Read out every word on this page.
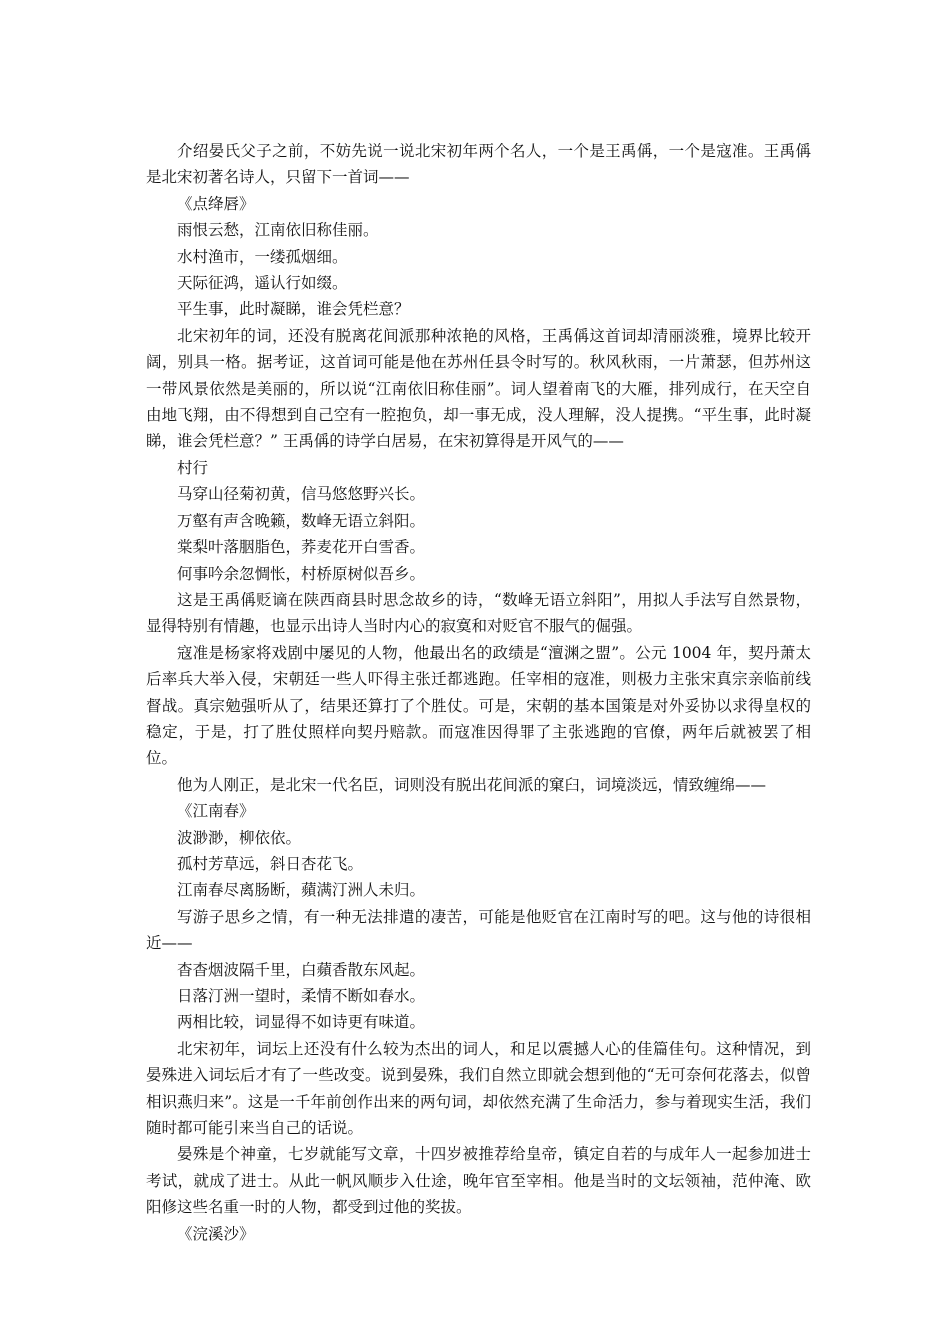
介绍晏氏父子之前，不妨先说一说北宋初年两个名人，一个是王禹偁，一个是寇准。王禹偁是北宋初著名诗人，只留下一首词——

《点绛唇》

雨恨云愁，江南依旧称佳丽。

水村渔市，一缕孤烟细。

天际征鸿，遥认行如缀。

平生事，此时凝睇，谁会凭栏意？

北宋初年的词，还没有脱离花间派那种浓艳的风格，王禹偁这首词却清丽淡雅，境界比较开阔，别具一格。据考证，这首词可能是他在苏州任县令时写的。秋风秋雨，一片萧瑟，但苏州这一带风景依然是美丽的，所以说“江南依旧称佳丽”。词人望着南飞的大雁，排列成行，在天空自由地飞翔，由不得想到自己空有一腔抱负，却一事无成，没人理解，没人提携。“平生事，此时凝睇，谁会凭栏意？” 王禹偁的诗学白居易，在宋初算得是开风气的——

村行

马穿山径菊初黄，信马悠悠野兴长。

万壑有声含晚籁，数峰无语立斜阳。

棠梨叶落胭脂色，荞麦花开白雪香。

何事吟余忽惆怅，村桥原树似吾乡。

这是王禹偁贬谪在陕西商县时思念故乡的诗，“数峰无语立斜阳”，用拟人手法写自然景物，显得特别有情趣，也显示出诗人当时内心的寂寞和对贬官不服气的倔强。

寇准是杨家将戏剧中屡见的人物，他最出名的政绩是“澶渊之盟”。公元 1004 年，契丹萧太后率兵大举入侵，宋朝廷一些人吓得主张迁都逃跑。任宰相的寇准，则极力主张宋真宗亲临前线督战。真宗勉强听从了，结果还算打了个胜仗。可是，宋朝的基本国策是对外妥协以求得皇权的稳定，于是，打了胜仗照样向契丹赔款。而寇准因得罪了主张逃跑的官僚，两年后就被罢了相位。

他为人刚正，是北宋一代名臣，词则没有脱出花间派的窠臼，词境淡远，情致缠绵——

《江南春》

波渺渺，柳依依。

孤村芳草远，斜日杏花飞。

江南春尽离肠断，蘋满汀洲人未归。

写游子思乡之情，有一种无法排遣的凄苦，可能是他贬官在江南时写的吧。这与他的诗很相近——

杳杳烟波隔千里，白蘋香散东风起。

日落汀洲一望时，柔情不断如春水。

两相比较，词显得不如诗更有味道。

北宋初年，词坛上还没有什么较为杰出的词人，和足以震撼人心的佳篇佳句。这种情况，到晏殊进入词坛后才有了一些改变。说到晏殊，我们自然立即就会想到他的“无可奈何花落去，似曾相识燕归来”。这是一千年前创作出来的两句词，却依然充满了生命活力，参与着现实生活，我们随时都可能引来当自己的话说。

晏殊是个神童，七岁就能写文章，十四岁被推荐给皇帝，镇定自若的与成年人一起参加进士考试，就成了进士。从此一帆风顺步入仕途，晚年官至宰相。他是当时的文坛领袖，范仲淹、欧阳修这些名重一时的人物，都受到过他的奖拔。

《浣溪沙》
